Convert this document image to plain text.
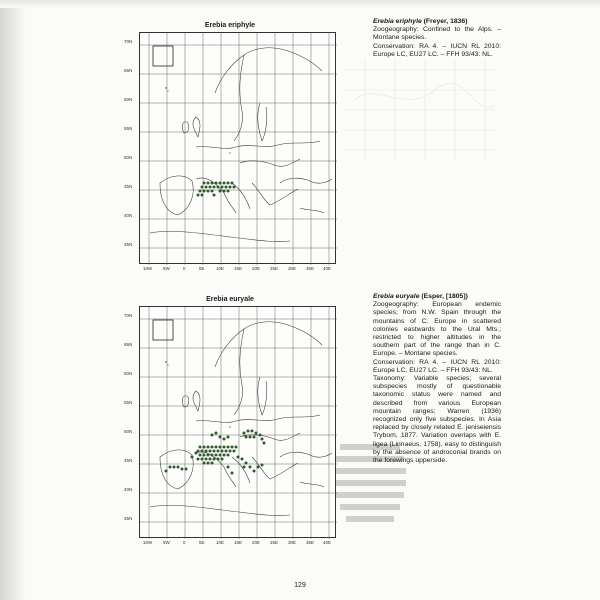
Erebia eriphyle
70N
65N
60N
55N
50N
45N
40N
35N
10W 5W	0	5E	10E 15E 20E 25E 30E 35E 40E

Erebia eriphyle (Freyer, 1836)

Zoogeography: Confined to the Alps. – Montane species.

Conservation: RA 4. – IUCN RL 2010: Europe LC, EU27 LC. – FFH 93/43: NL.

Erebia euryale
70N
65N
60N
55N
50N
45N
40N
35N
10W 5W	0	5E	10E 15E 20E 25E 30E 35E 40E

Erebia euryale (Esper, [1805])

Zoogeography: European endemic species; from N.W. Spain through the mountains of C. Europe in scattered colonies eastwards to the Ural Mts.; restricted to higher altitudes in the southern part of the range than in C. Europe. – Montane species.

Conservation: RA 4. – IUCN RL 2010: Europe LC, EU27 LC. – FFH 93/43: NL.

Taxonomy: Variable species; several subspecies mostly of questionable taxonomic status were named and described from various European mountain ranges; Warren (1936) recognized only five subspecies. In Asia replaced by closely related E. jeniseiensis Trybom, 1877. Variation overlaps with E. ligea (Linnaeus, 1758), easy to distinguish by the absence of androconial brands on the forewings upperside.

129
